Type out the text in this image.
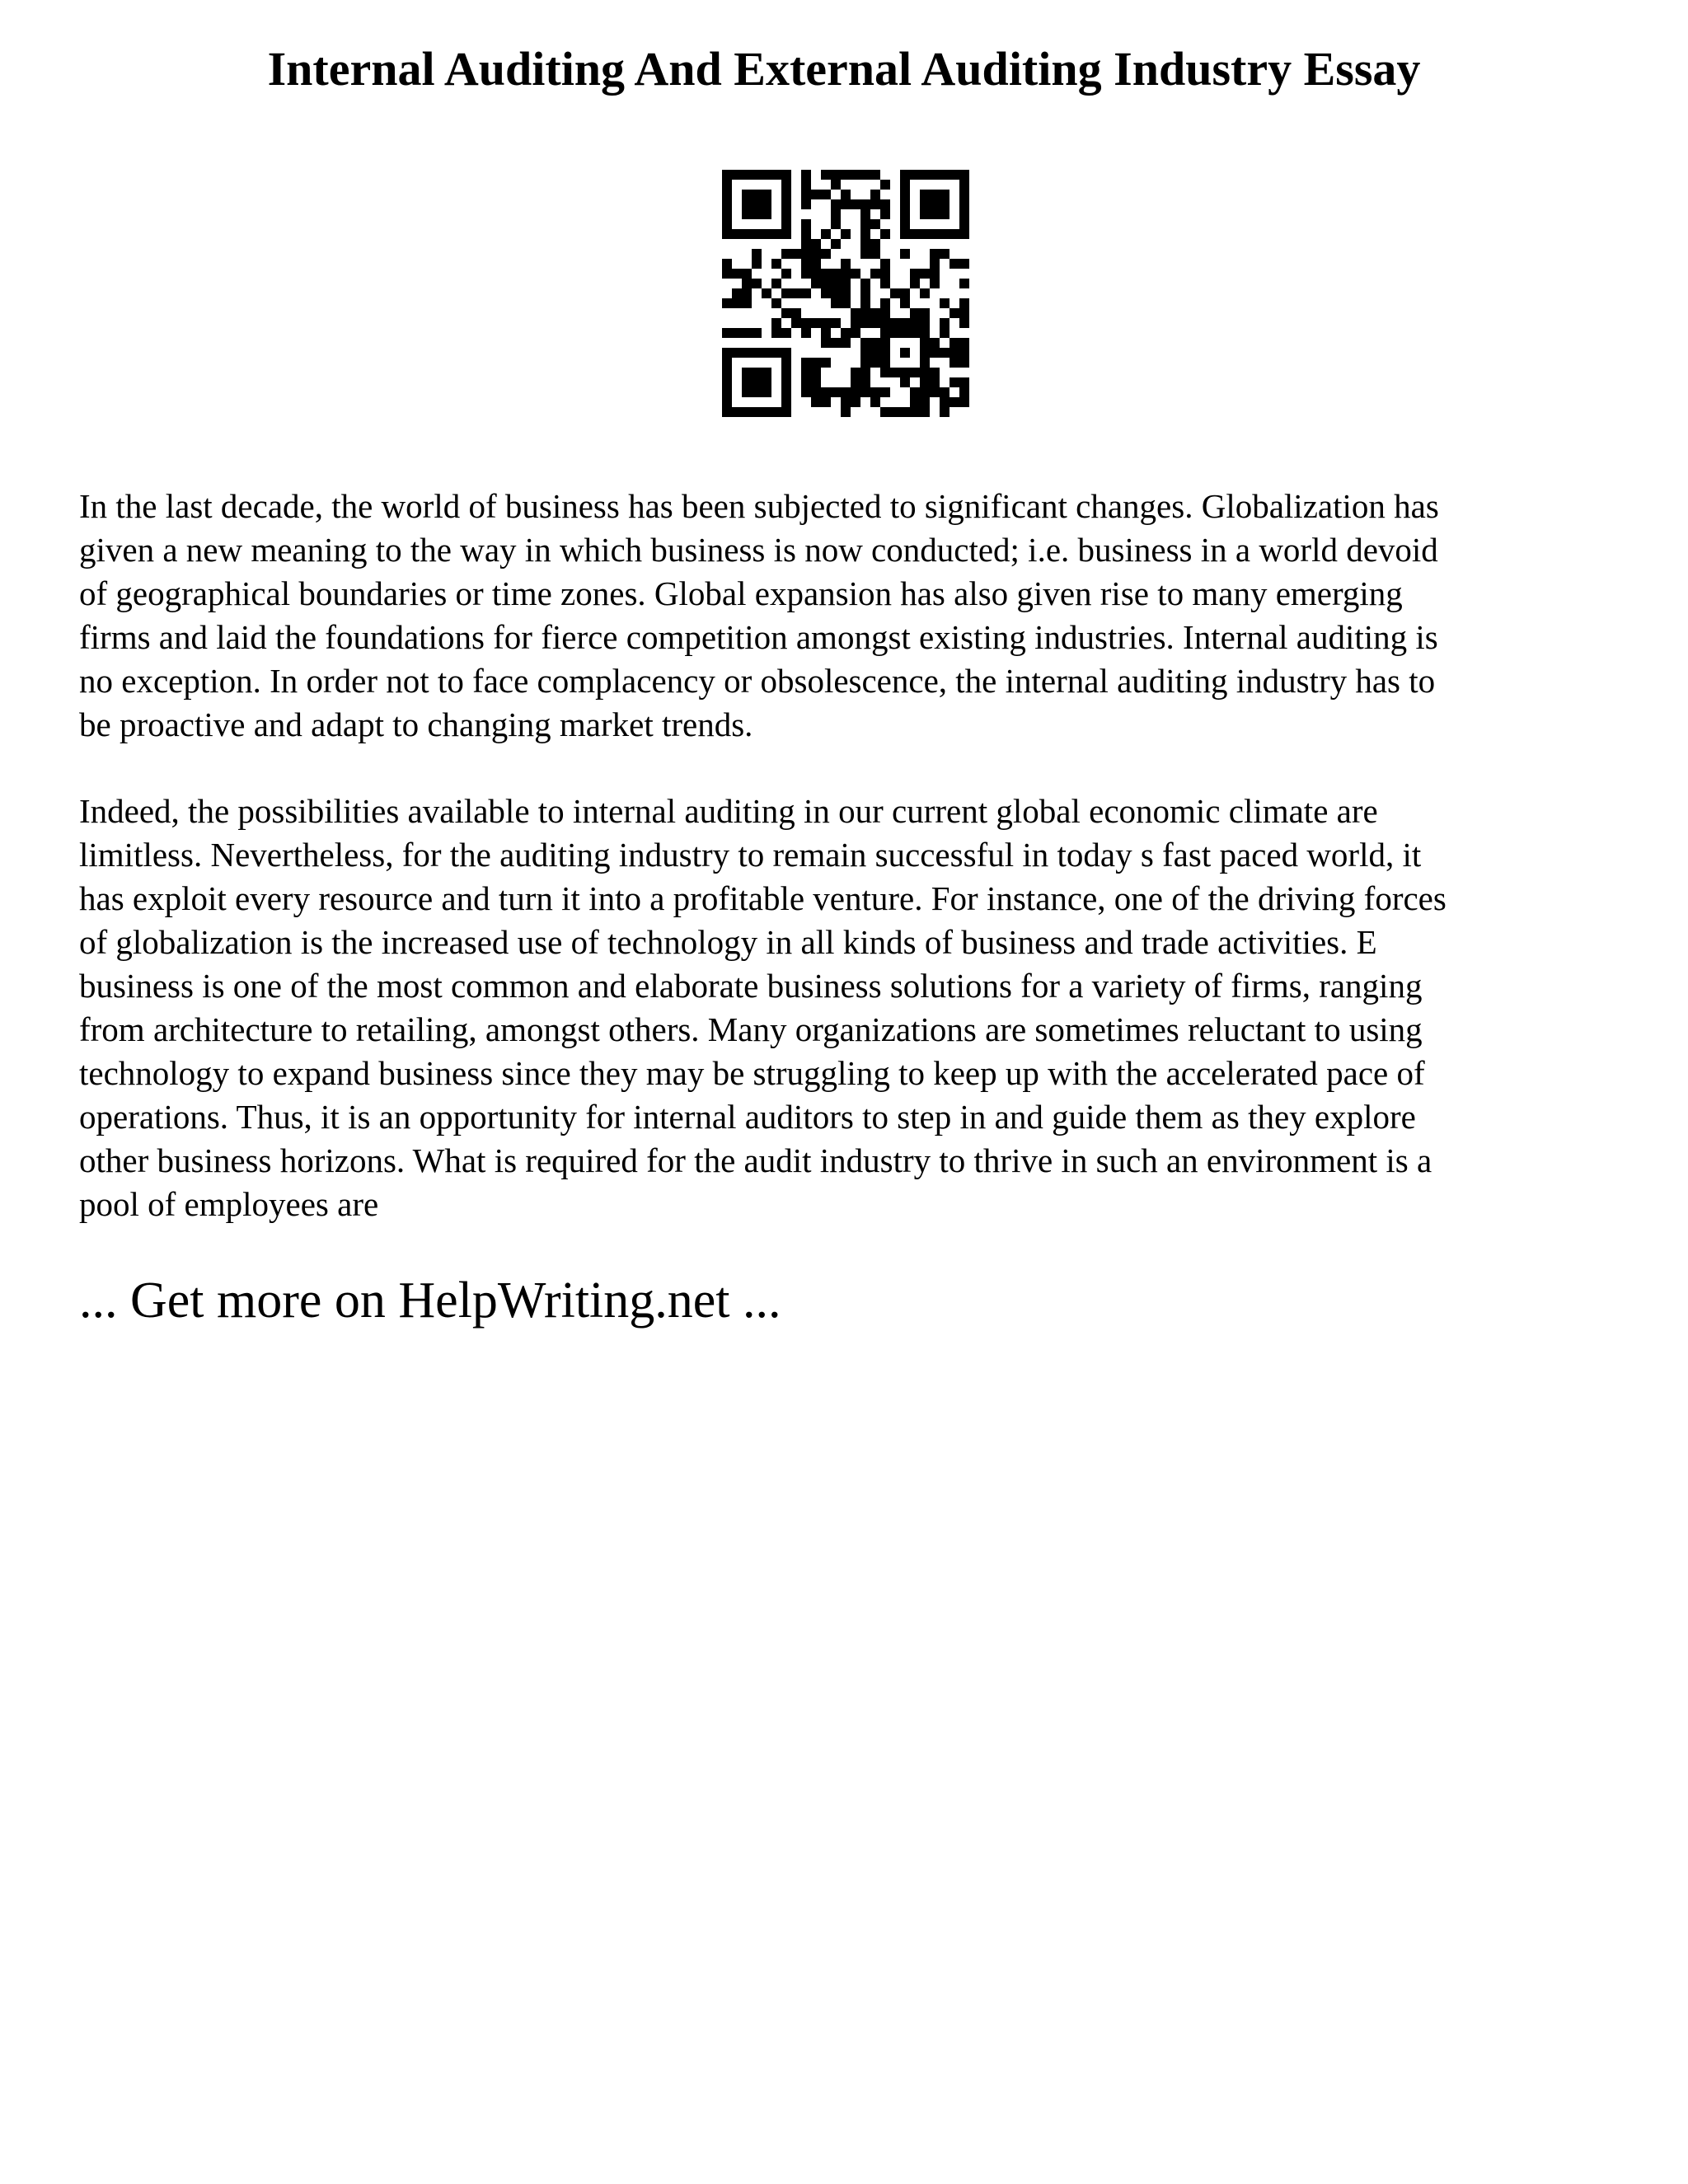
Internal Auditing And External Auditing Industry Essay

In the last decade, the world of business has been subjected to significant changes. Globalization has
given a new meaning to the way in which business is now conducted; i.e. business in a world devoid
of geographical boundaries or time zones. Global expansion has also given rise to many emerging
firms and laid the foundations for fierce competition amongst existing industries. Internal auditing is
no exception. In order not to face complacency or obsolescence, the internal auditing industry has to
be proactive and adapt to changing market trends.

Indeed, the possibilities available to internal auditing in our current global economic climate are
limitless. Nevertheless, for the auditing industry to remain successful in today s fast paced world, it
has exploit every resource and turn it into a profitable venture. For instance, one of the driving forces
of globalization is the increased use of technology in all kinds of business and trade activities. E
business is one of the most common and elaborate business solutions for a variety of firms, ranging
from architecture to retailing, amongst others. Many organizations are sometimes reluctant to using
technology to expand business since they may be struggling to keep up with the accelerated pace of
operations. Thus, it is an opportunity for internal auditors to step in and guide them as they explore
other business horizons. What is required for the audit industry to thrive in such an environment is a
pool of employees are

... Get more on HelpWriting.net ...
